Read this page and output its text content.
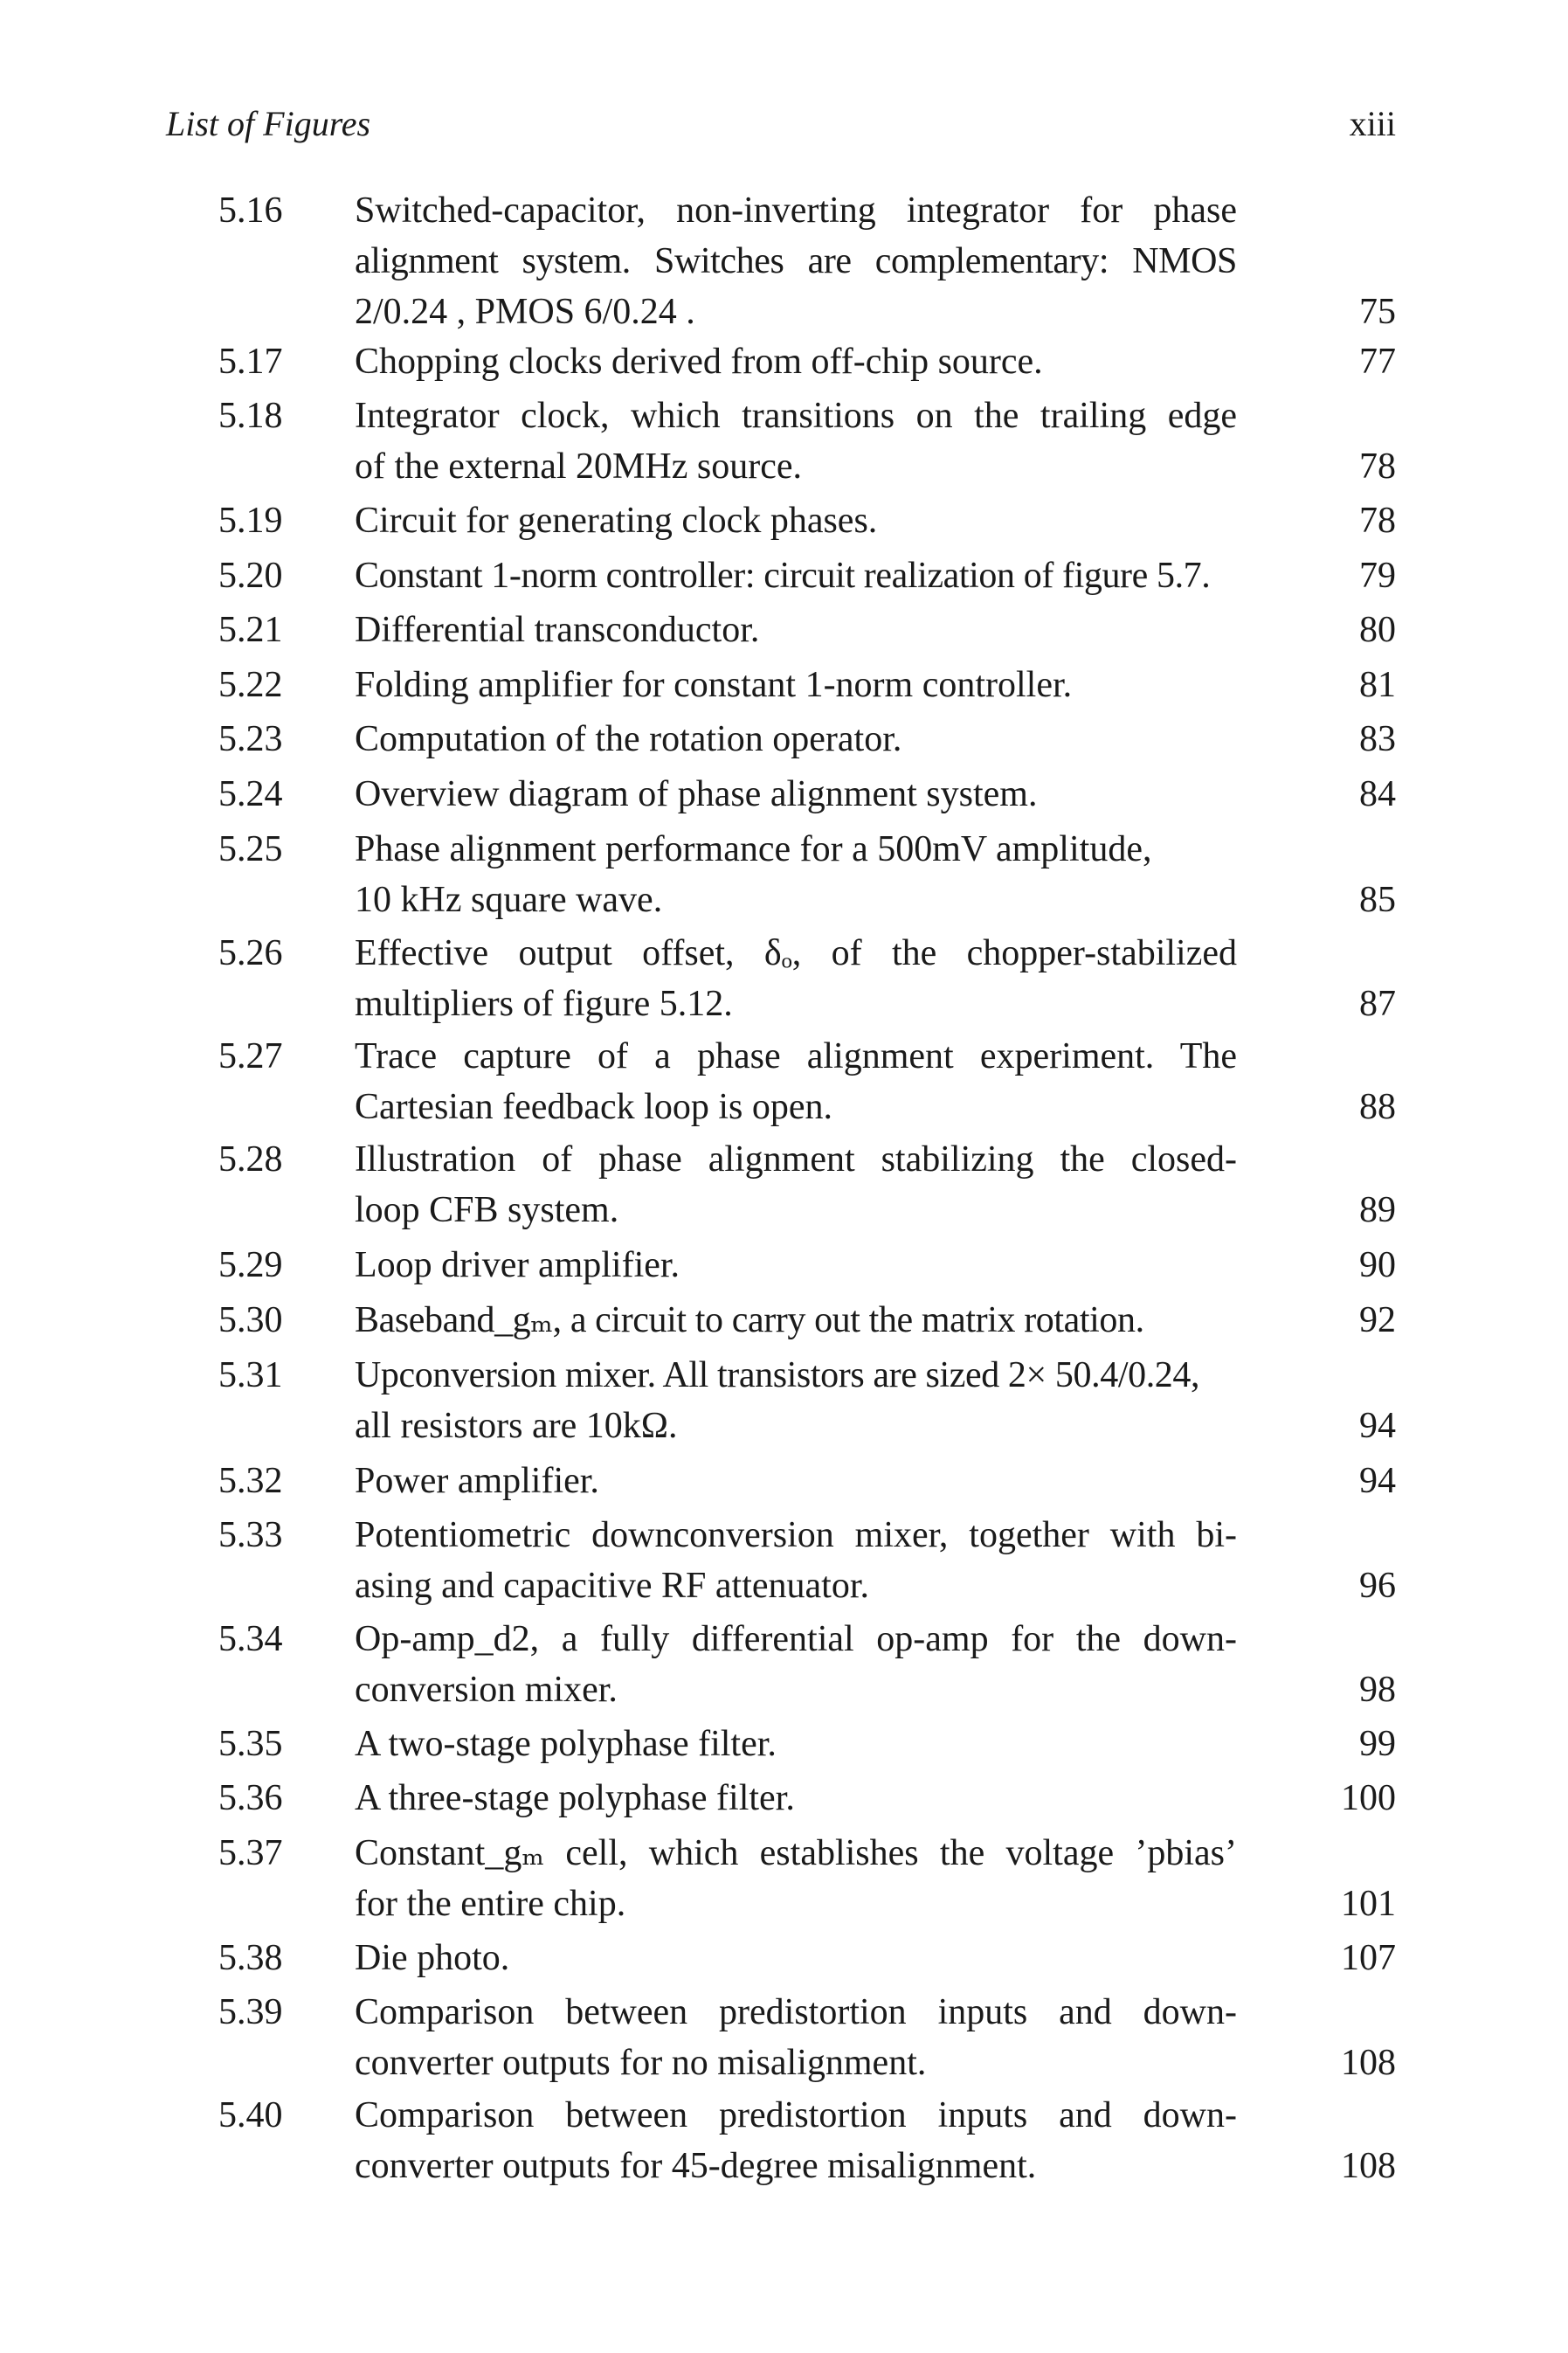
List of Figures	xiii
5.16 Switched-capacitor, non-inverting integrator for phase
alignment system. Switches are complementary: NMOS
2/0.24 , PMOS 6/0.24 .	75
5.17 Chopping clocks derived from off-chip source.	77
5.18 Integrator clock, which transitions on the trailing edge
of the external 20MHz source.	78
5.19 Circuit for generating clock phases.	78
5.20 Constant 1-norm controller: circuit realization of figure 5.7.	79
5.21 Differential transconductor.	80
5.22 Folding amplifier for constant 1-norm controller.	81
5.23 Computation of the rotation operator.	83
5.24 Overview diagram of phase alignment system.	84
5.25 Phase alignment performance for a 500mV amplitude,
10 kHz square wave.	85
5.26 Effective output offset, δₒ, of the chopper-stabilized
multipliers of figure 5.12.	87
5.27 Trace capture of a phase alignment experiment. The
Cartesian feedback loop is open.	88
5.28 Illustration of phase alignment stabilizing the closed-
loop CFB system.	89
5.29 Loop driver amplifier.	90
5.30 Baseband_gₘ, a circuit to carry out the matrix rotation.	92
5.31 Upconversion mixer. All transistors are sized 2× 50.4/0.24,
all resistors are 10kΩ.	94
5.32 Power amplifier.	94
5.33 Potentiometric downconversion mixer, together with bi-
asing and capacitive RF attenuator.	96
5.34 Op-amp_d2, a fully differential op-amp for the down-
conversion mixer.	98
5.35 A two-stage polyphase filter.	99
5.36 A three-stage polyphase filter.	100
5.37 Constant_gₘ cell, which establishes the voltage ’pbias’
for the entire chip.	101
5.38 Die photo.	107
5.39 Comparison between predistortion inputs and down-
converter outputs for no misalignment.	108
5.40 Comparison between predistortion inputs and down-
converter outputs for 45-degree misalignment.	108
